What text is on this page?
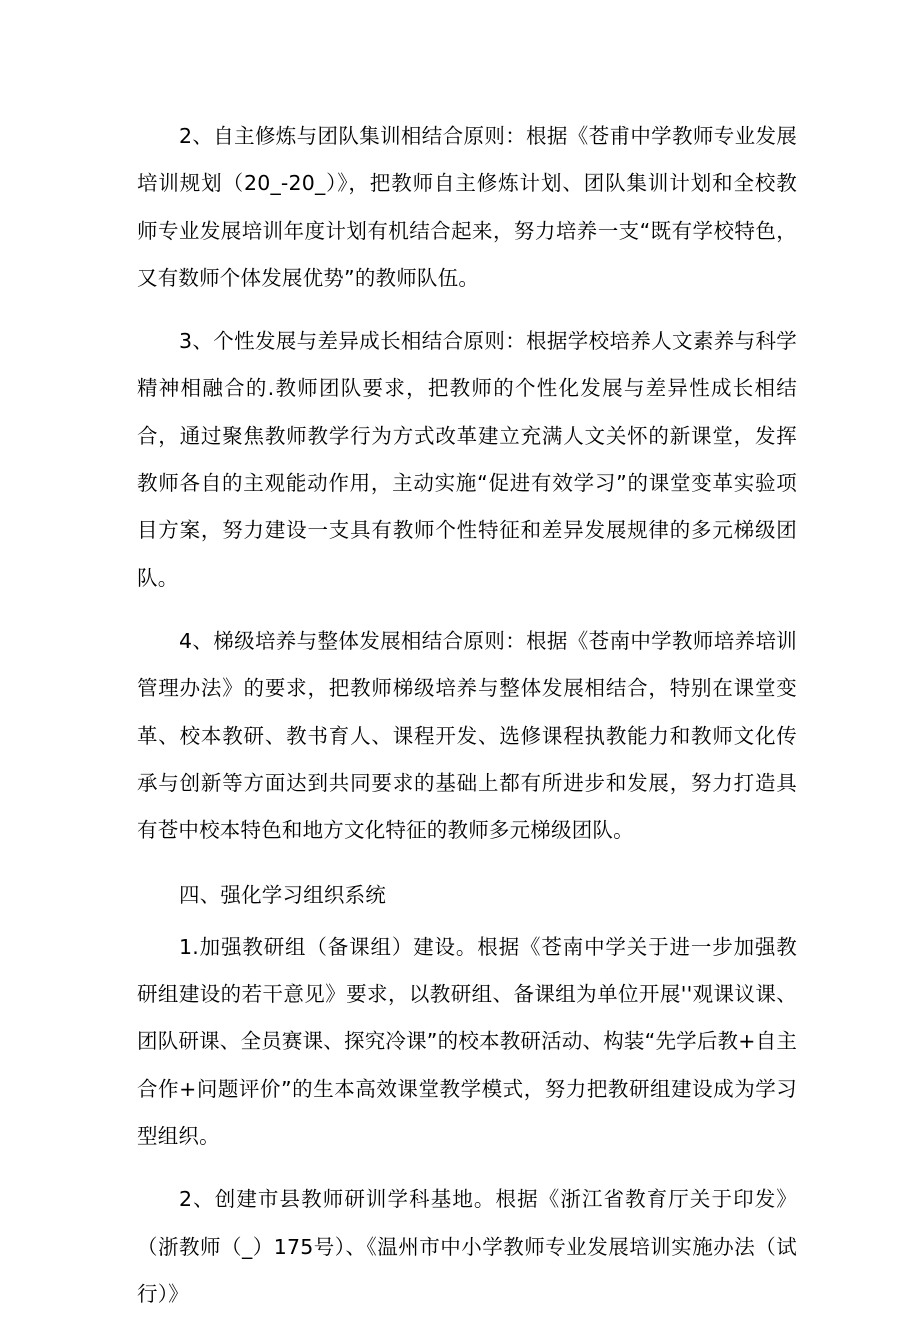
2、自主修炼与团队集训相结合原则：根据《苍甫中学教师专业发展培训规划（20_-20_）》，把教师自主修炼计划、团队集训计划和全校教师专业发展培训年度计划有机结合起来，努力培养一支“既有学校特色，又有数师个体发展优势”的教师队伍。

3、个性发展与差异成长相结合原则：根据学校培养人文素养与科学精神相融合的.教师团队要求，把教师的个性化发展与差异性成长相结合，通过聚焦教师教学行为方式改革建立充满人文关怀的新课堂，发挥教师各自的主观能动作用，主动实施“促进有效学习”的课堂变革实验项目方案，努力建设一支具有教师个性特征和差异发展规律的多元梯级团队。

4、梯级培养与整体发展相结合原则：根据《苍南中学教师培养培训管理办法》的要求，把教师梯级培养与整体发展相结合，特别在课堂变革、校本教研、教书育人、课程开发、选修课程执教能力和教师文化传承与创新等方面达到共同要求的基础上都有所进步和发展，努力打造具有苍中校本特色和地方文化特征的教师多元梯级团队。

四、强化学习组织系统

1.加强教研组（备课组）建设。根据《苍南中学关于进一步加强教研组建设的若干意见》要求，以教研组、备课组为单位开展''观课议课、团队研课、全员赛课、探究冷课”的校本教研活动、构装“先学后教+自主合作+问题评价”的生本高效课堂教学模式，努力把教研组建设成为学习型组织。

2、创建市县教师研训学科基地。根据《浙江省教育厅关于印发》（浙教师（_）175号）、《温州市中小学教师专业发展培训实施办法（试行）》
